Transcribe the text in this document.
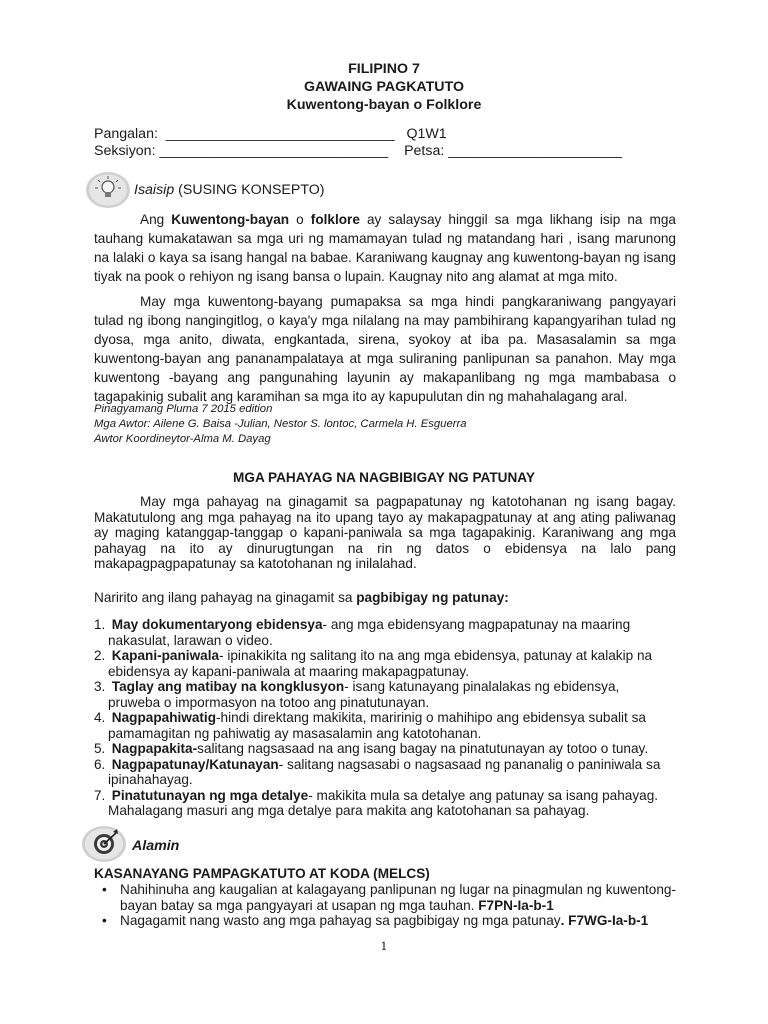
FILIPINO 7
GAWAING PAGKATUTO
Kuwentong-bayan o Folklore
Pangalan: _____________________________ Q1W1
Seksiyon: _____________________________ Petsa: ______________________
Isaisip (SUSING KONSEPTO)
Ang Kuwentong-bayan o folklore ay salaysay hinggil sa mga likhang isip na mga tauhang kumakatawan sa mga uri ng mamamayan tulad ng matandang hari , isang marunong na lalaki o kaya sa isang hangal na babae. Karaniwang kaugnay ang kuwentong-bayan ng isang tiyak na pook o rehiyon ng isang bansa o lupain. Kaugnay nito ang alamat at mga mito.
May mga kuwentong-bayang pumapaksa sa mga hindi pangkaraniwang pangyayari tulad ng ibong nangingitlog, o kaya'y mga nilalang na may pambihirang kapangyarihan tulad ng dyosa, mga anito, diwata, engkantada, sirena, syokoy at iba pa. Masasalamin sa mga kuwentong-bayan ang pananampalataya at mga suliraning panlipunan sa panahon. May mga kuwentong -bayang ang pangunahing layunin ay makapanlibang ng mga mambabasa o tagapakinig subalit ang karamihan sa mga ito ay kapupulutan din ng mahahalagang aral.
Pinagyamang Pluma 7 2015 edition
Mga Awtor: Ailene G. Baisa -Julian, Nestor S. lontoc, Carmela H. Esguerra
Awtor Koordineytor-Alma M. Dayag
MGA PAHAYAG NA NAGBIBIGAY NG PATUNAY
May mga pahayag na ginagamit sa pagpapatunay ng katotohanan ng isang bagay. Makatutulong ang mga pahayag na ito upang tayo ay makapagpatunay at ang ating paliwanag ay maging katanggap-tanggap o kapani-paniwala sa mga tagapakinig. Karaniwang ang mga pahayag na ito ay dinurugtungan na rin ng datos o ebidensya na lalo pang makapagpagpapatunay sa katotohanan ng inilalahad.
Naririto ang ilang pahayag na ginagamit sa pagbibigay ng patunay:
1. May dokumentaryong ebidensya- ang mga ebidensyang magpapatunay na maaring
nakasulat, larawan o video.
2. Kapani-paniwala- ipinakikita ng salitang ito na ang mga ebidensya, patunay at kalakip na
ebidensya ay kapani-paniwala at maaring makapagpatunay.
3. Taglay ang matibay na kongklusyon- isang katunayang pinalalakas ng ebidensya,
pruweba o impormasyon na totoo ang pinatutunayan.
4. Nagpapahiwatig-hindi direktang makikita, maririnig o mahihipo ang ebidensya subalit sa
pamamagitan ng pahiwatig ay masasalamin ang katotohanan.
5. Nagpapakita-salitang nagsasaad na ang isang bagay na pinatutunayan ay totoo o tunay.
6. Nagpapatunay/Katunayan- salitang nagsasabi o nagsasaad ng pananalig o paniniwala sa
ipinahahayag.
7. Pinatutunayan ng mga detalye- makikita mula sa detalye ang patunay sa isang pahayag.
Mahalagang masuri ang mga detalye para makita ang katotohanan sa pahayag.
Alamin
KASANAYANG PAMPAGKATUTO AT KODA (MELCS)
• Nahihinuha ang kaugalian at kalagayang panlipunan ng lugar na pinagmulan ng kuwentong- bayan batay sa mga pangyayari at usapan ng mga tauhan. F7PN-Ia-b-1
• Nagagamit nang wasto ang mga pahayag sa pagbibigay ng mga patunay. F7WG-Ia-b-1
1
